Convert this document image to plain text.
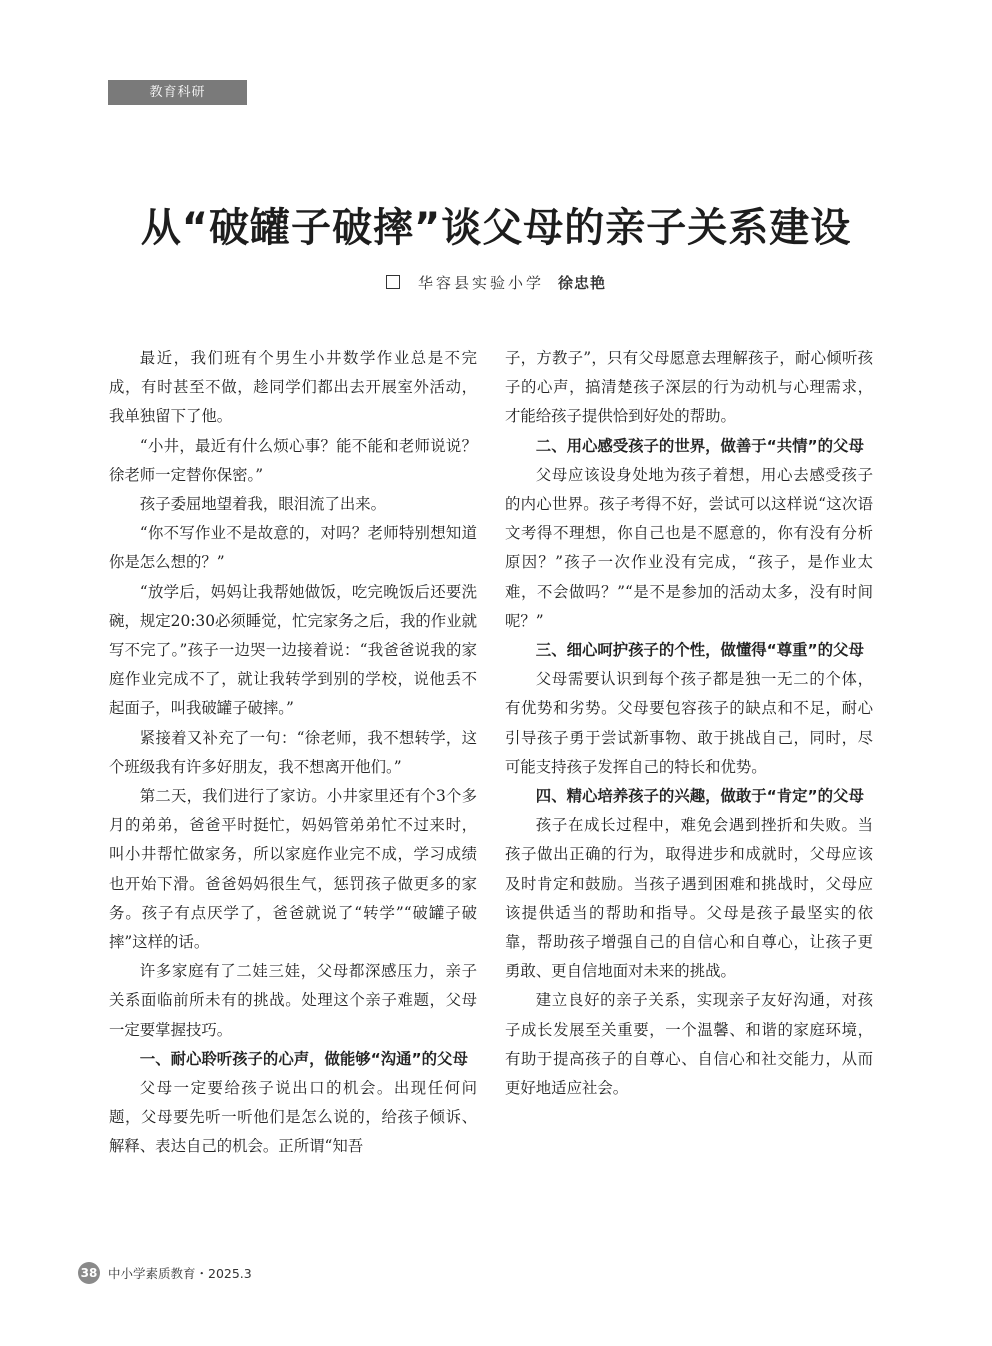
教育科研
从“破罐子破摔”谈父母的亲子关系建设
华容县实验小学 徐忠艳

最近，我们班有个男生小井数学作业总是不完成，有时甚至不做，趁同学们都出去开展室外活动，我单独留下了他。

“小井，最近有什么烦心事？能不能和老师说说？徐老师一定替你保密。”

孩子委屈地望着我，眼泪流了出来。

“你不写作业不是故意的，对吗？老师特别想知道你是怎么想的？”

“放学后，妈妈让我帮她做饭，吃完晚饭后还要洗碗，规定20:30必须睡觉，忙完家务之后，我的作业就写不完了。”孩子一边哭一边接着说：“我爸爸说我的家庭作业完成不了，就让我转学到别的学校，说他丢不起面子，叫我破罐子破摔。”

紧接着又补充了一句：“徐老师，我不想转学，这个班级我有许多好朋友，我不想离开他们。”

第二天，我们进行了家访。小井家里还有个3个多月的弟弟，爸爸平时挺忙，妈妈管弟弟忙不过来时，叫小井帮忙做家务，所以家庭作业完不成，学习成绩也开始下滑。爸爸妈妈很生气，惩罚孩子做更多的家务。孩子有点厌学了，爸爸就说了“转学”“破罐子破摔”这样的话。

许多家庭有了二娃三娃，父母都深感压力，亲子关系面临前所未有的挑战。处理这个亲子难题，父母一定要掌握技巧。

一、耐心聆听孩子的心声，做能够“沟通”的父母

父母一定要给孩子说出口的机会。出现任何问题，父母要先听一听他们是怎么说的，给孩子倾诉、解释、表达自己的机会。正所谓“知吾

子，方教子”，只有父母愿意去理解孩子，耐心倾听孩子的心声，搞清楚孩子深层的行为动机与心理需求，才能给孩子提供恰到好处的帮助。

二、用心感受孩子的世界，做善于“共情”的父母

父母应该设身处地为孩子着想，用心去感受孩子的内心世界。孩子考得不好，尝试可以这样说“这次语文考得不理想，你自己也是不愿意的，你有没有分析原因？”孩子一次作业没有完成，“孩子，是作业太难，不会做吗？”“是不是参加的活动太多，没有时间呢？”

三、细心呵护孩子的个性，做懂得“尊重”的父母

父母需要认识到每个孩子都是独一无二的个体，有优势和劣势。父母要包容孩子的缺点和不足，耐心引导孩子勇于尝试新事物、敢于挑战自己，同时，尽可能支持孩子发挥自己的特长和优势。

四、精心培养孩子的兴趣，做敢于“肯定”的父母

孩子在成长过程中，难免会遇到挫折和失败。当孩子做出正确的行为，取得进步和成就时，父母应该及时肯定和鼓励。当孩子遇到困难和挑战时，父母应该提供适当的帮助和指导。父母是孩子最坚实的依靠，帮助孩子增强自己的自信心和自尊心，让孩子更勇敢、更自信地面对未来的挑战。

建立良好的亲子关系，实现亲子友好沟通，对孩子成长发展至关重要，一个温馨、和谐的家庭环境，有助于提高孩子的自尊心、自信心和社交能力，从而更好地适应社会。

38 中小学素质教育・2025.3
